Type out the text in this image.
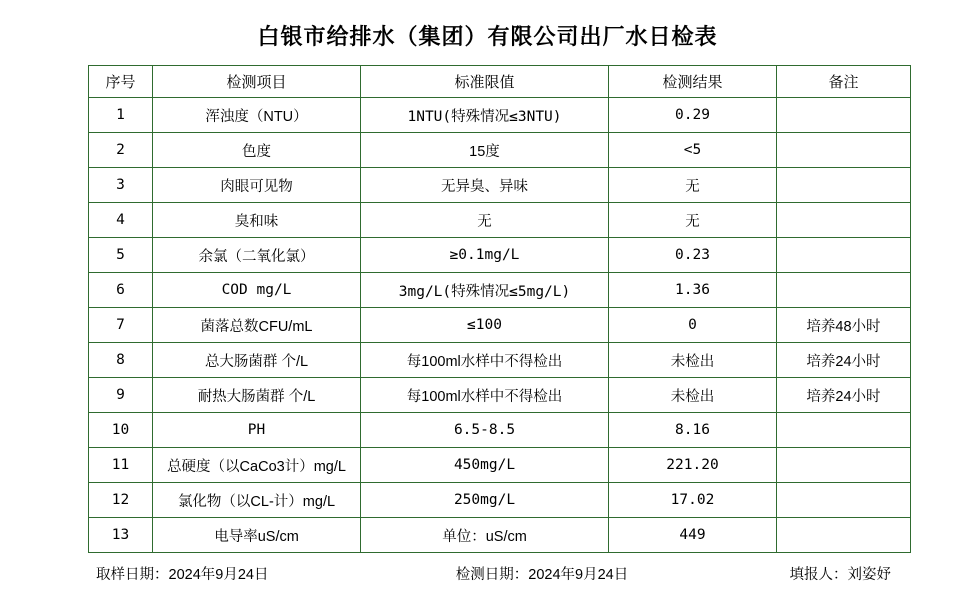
白银市给排水（集团）有限公司出厂水日检表
序号	检测项目	标准限值	检测结果	备注
1	浑浊度（NTU）	1NTU(特殊情况≤3NTU)	0.29	
2	色度	15度	<5	
3	肉眼可见物	无异臭、异味	无	
4	臭和味	无	无	
5	余氯（二氧化氯）	≥0.1mg/L	0.23	
6	COD mg/L	3mg/L(特殊情况≤5mg/L)	1.36	
7	菌落总数CFU/mL	≤100	0	培养48小时
8	总大肠菌群 个/L	每100ml水样中不得检出	未检出	培养24小时
9	耐热大肠菌群 个/L	每100ml水样中不得检出	未检出	培养24小时
10	PH	6.5-8.5	8.16	
11	总硬度（以CaCo3计）mg/L	450mg/L	221.20	
12	氯化物（以CL-计）mg/L	250mg/L	17.02	
13	电导率uS/cm	单位：uS/cm	449	
取样日期：2024年9月24日	检测日期：2024年9月24日	填报人：刘姿妤
